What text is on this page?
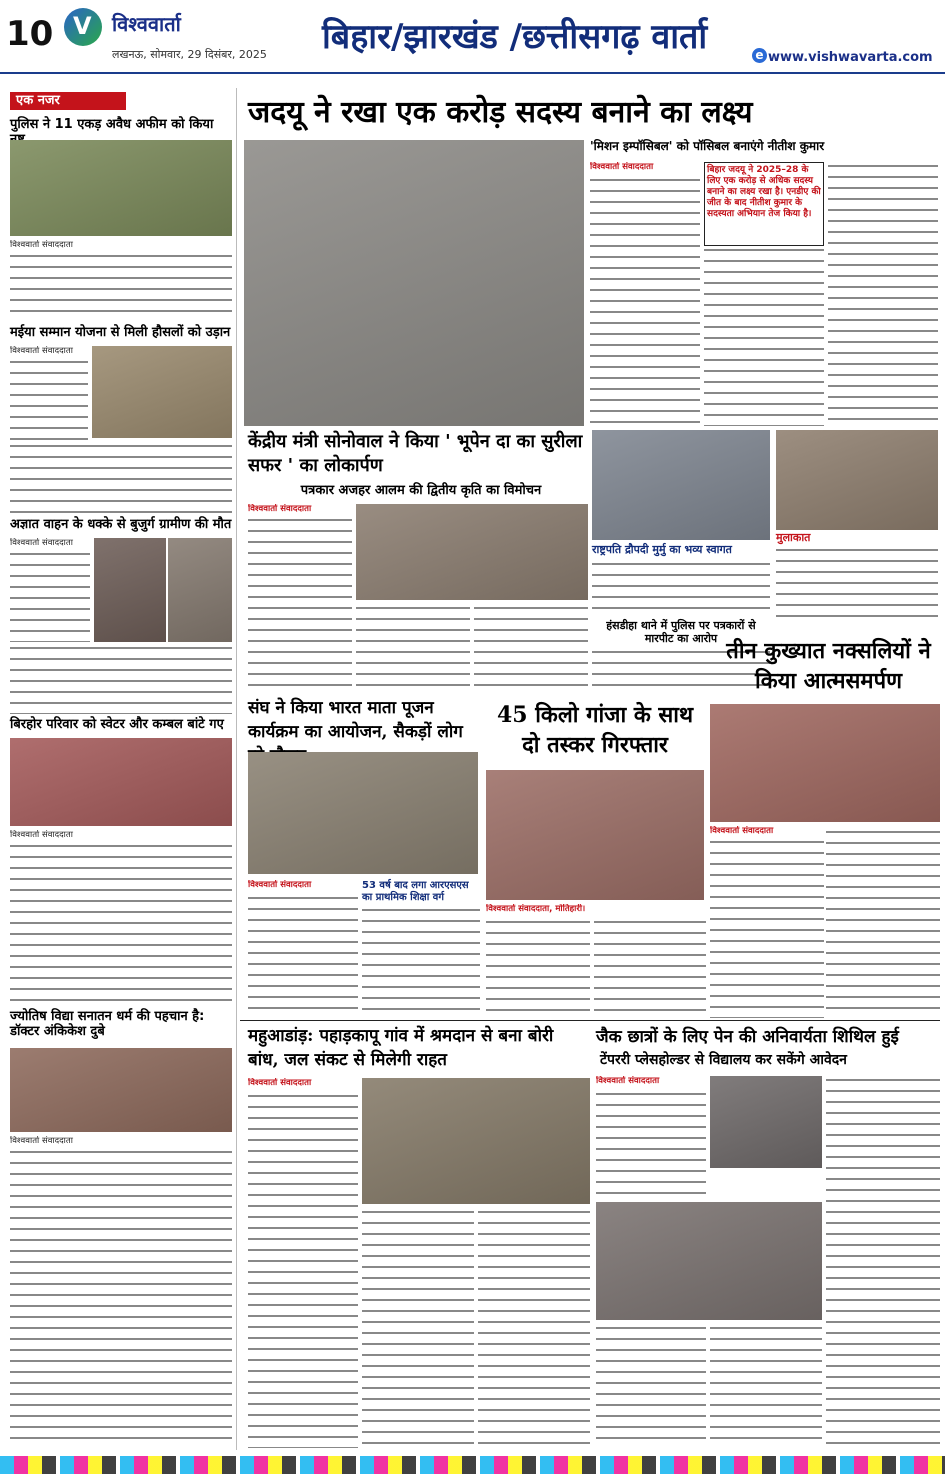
10 V विश्ववार्ता
लखनऊ, सोमवार, 29 दिसंबर, 2025 बिहार/झारखंड /छत्तीसगढ़ वार्ता	e www.vishwavarta.com
एक नजर
पुलिस ने 11 एकड़ अवैध अफीम को किया
विश्ववार्ता संवाददाता
मईया सम्मान योजना से मिली हौसलों को उड़ान
विश्ववार्ता संवाददाता
अज्ञात वाहन के धक्के से बुजुर्ग ग्रामीण की मौत
विश्ववार्ता संवाददाता
बिरहोर परिवार को स्वेटर और कम्बल बांटे गए
विश्ववार्ता संवाददाता
ज्योतिष विद्या सनातन धर्म की पहचान है: डॉक्टर अंकिकेश दुबे
विश्ववार्ता संवाददाता
जदयू ने रखा एक करोड़ सदस्य बनाने का लक्ष्य
'मिशन इम्पॉसिबल' को पॉसिबल बनाएंगे नीतीश कुमार
विश्ववार्ता संवाददाता	बिहार जदयू ने 2025–28 के लिए एक करोड़ से अधिक सदस्य बनाने का लक्ष्य रखा है। एनडीए की जीत के बाद नीतीश कुमार के सदस्यता अभियान तेज किया है।
केंद्रीय मंत्री सोनोवाल ने किया ' भूपेन दा का सुरीला सफर ' का लोकार्पण
पत्रकार अजहर आलम की द्वितीय कृति का विमोचन
विश्ववार्ता संवाददाता
राष्ट्रपति द्रौपदी मुर्मु का भव्य स्वागत
हंसडीहा थाने में पुलिस पर पत्रकारों से मारपीट का आरोप
मुलाकात
तीन कुख्यात नक्सलियों ने किया आत्मसमर्पण
विश्ववार्ता संवाददाता
संघ ने किया भारत माता पूजन कार्यक्रम का आयोजन, सैकड़ों लोग
विश्ववार्ता संवाददाता	53 वर्ष बाद लगा आरएसएस का प्राथमिक शिक्षा वर्ग
45 किलो गांजा के साथ दो तस्कर गिरफ्तार
विश्ववार्ता संवाददाता, मोतिहारी।
महुआडांड़: पहाड़कापू गांव में श्रमदान से बना बोरी बांध, जल संकट से मिलेगी राहत
विश्ववार्ता संवाददाता
जैक छात्रों के लिए पेन की अनिवार्यता शिथिल हुई
टेंपररी प्लेसहोल्डर से विद्यालय कर सकेंगे आवेदन
विश्ववार्ता संवाददाता
